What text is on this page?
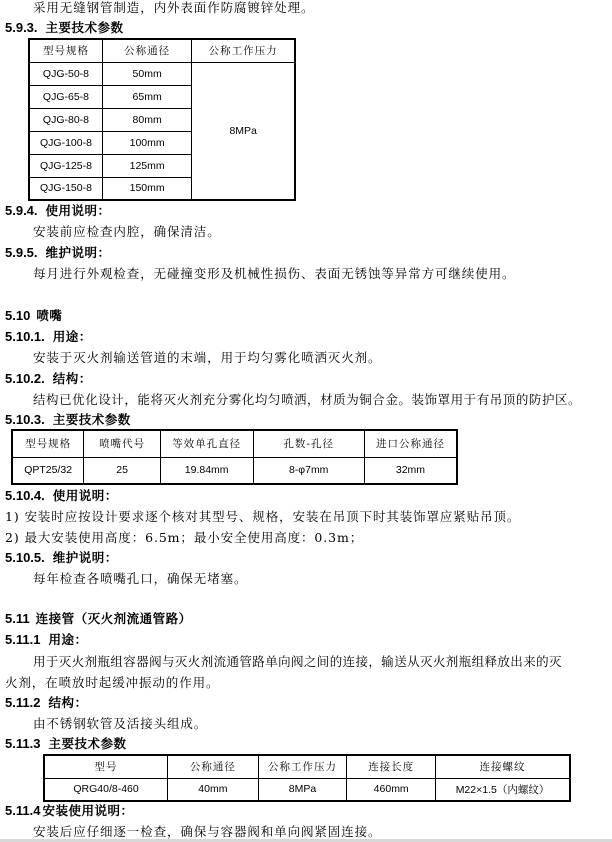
采用无缝钢管制造，内外表面作防腐镀锌处理。
5.9.3. 主要技术参数
型号规格	公称通径	公称工作压力
QJG-50-8	50mm	8MPa
QJG-65-8	65mm	
QJG-80-8	80mm	
QJG-100-8	100mm	
QJG-125-8	125mm	
QJG-150-8	150mm	
5.9.4. 使用说明：
安装前应检查内腔，确保清洁。
5.9.5. 维护说明：
每月进行外观检查，无碰撞变形及机械性损伤、表面无锈蚀等异常方可继续使用。
5.10 喷嘴
5.10.1. 用途：
安装于灭火剂输送管道的末端，用于均匀雾化喷洒灭火剂。
5.10.2. 结构：
结构已优化设计，能将灭火剂充分雾化均匀喷洒，材质为铜合金。装饰罩用于有吊顶的防护区。
5.10.3. 主要技术参数
型号规格	喷嘴代号	等效单孔直径	孔数-孔径	进口公称通径
QPT25/32	25	19.84mm	8-φ7mm	32mm
5.10.4. 使用说明：
1) 安装时应按设计要求逐个核对其型号、规格，安装在吊顶下时其装饰罩应紧贴吊顶。
2) 最大安装使用高度：6.5m；最小安全使用高度：0.3m；
5.10.5. 维护说明：
每年检查各喷嘴孔口，确保无堵塞。
5.11 连接管（灭火剂流通管路）
5.11.1 用途：
用于灭火剂瓶组容器阀与灭火剂流通管路单向阀之间的连接，输送从灭火剂瓶组释放出来的灭
火剂，在喷放时起缓冲振动的作用。
5.11.2 结构：
由不锈钢软管及活接头组成。
5.11.3 主要技术参数
型号	公称通径	公称工作压力	连接长度	连接螺纹
QRG40/8-460	40mm	8MPa	460mm	M22×1.5（内螺纹）
5.11.4 安装使用说明：
安装后应仔细逐一检查，确保与容器阀和单向阀紧固连接。
